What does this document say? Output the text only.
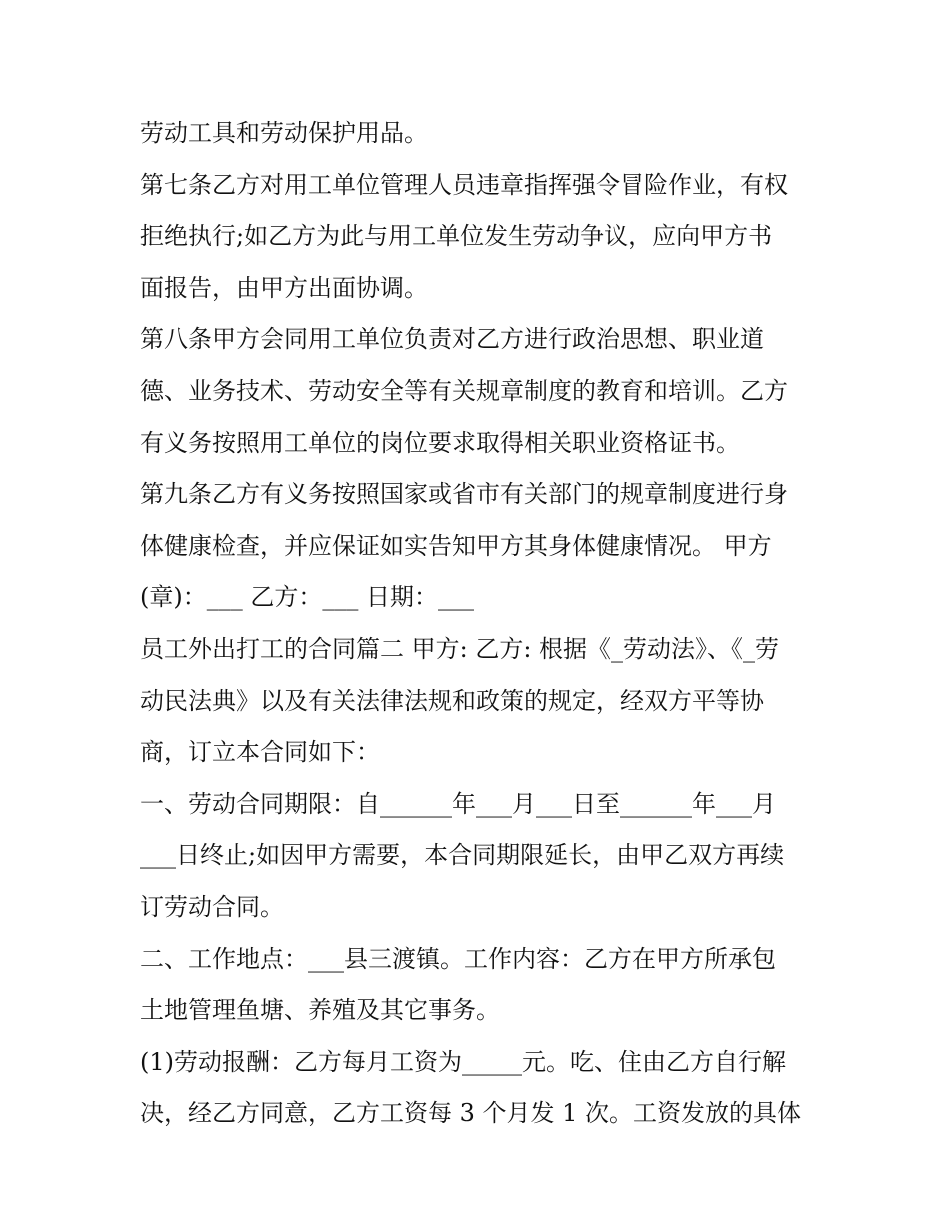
劳动工具和劳动保护用品。
第七条乙方对用工单位管理人员违章指挥强令冒险作业，有权
拒绝执行;如乙方为此与用工单位发生劳动争议，应向甲方书
面报告，由甲方出面协调。
第八条甲方会同用工单位负责对乙方进行政治思想、职业道
德、业务技术、劳动安全等有关规章制度的教育和培训。乙方
有义务按照用工单位的岗位要求取得相关职业资格证书。
第九条乙方有义务按照国家或省市有关部门的规章制度进行身
体健康检查，并应保证如实告知甲方其身体健康情况。 甲方
(章)：___ 乙方：___ 日期：___
员工外出打工的合同篇二 甲方: 乙方: 根据《_劳动法》、《_劳
动民法典》以及有关法律法规和政策的规定，经双方平等协
商，订立本合同如下：
一、劳动合同期限：自______年___月___日至______年___月
___日终止;如因甲方需要，本合同期限延长，由甲乙双方再续
订劳动合同。
二、工作地点：___县三渡镇。工作内容：乙方在甲方所承包
土地管理鱼塘、养殖及其它事务。
(1)劳动报酬：乙方每月工资为_____元。吃、住由乙方自行解
决，经乙方同意，乙方工资每 3 个月发 1 次。工资发放的具体
